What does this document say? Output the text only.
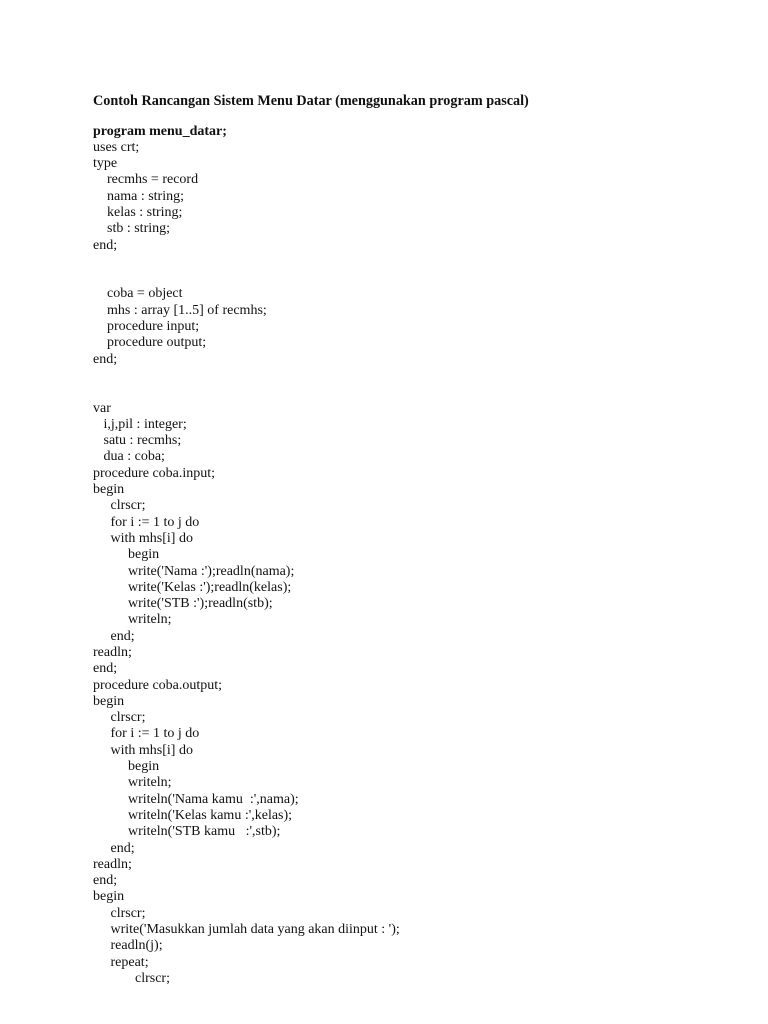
Contoh Rancangan Sistem Menu Datar (menggunakan program pascal)
program menu_datar;
uses crt;
type
recmhs = record
nama : string;
kelas : string;
stb : string;
end;
coba = object
mhs : array [1..5] of recmhs;
procedure input;
procedure output;
end;
var
i,j,pil : integer;
satu : recmhs;
dua : coba;
procedure coba.input;
begin
clrscr;
for i := 1 to j do
with mhs[i] do
begin
write('Nama :');readln(nama);
write('Kelas :');readln(kelas);
write('STB :');readln(stb);
writeln;
end;
readln;
end;
procedure coba.output;
begin
clrscr;
for i := 1 to j do
with mhs[i] do
begin
writeln;
writeln('Nama kamu  :',nama);
writeln('Kelas kamu :',kelas);
writeln('STB kamu   :',stb);
end;
readln;
end;
begin
clrscr;
write('Masukkan jumlah data yang akan diinput : ');
readln(j);
repeat;
clrscr;
